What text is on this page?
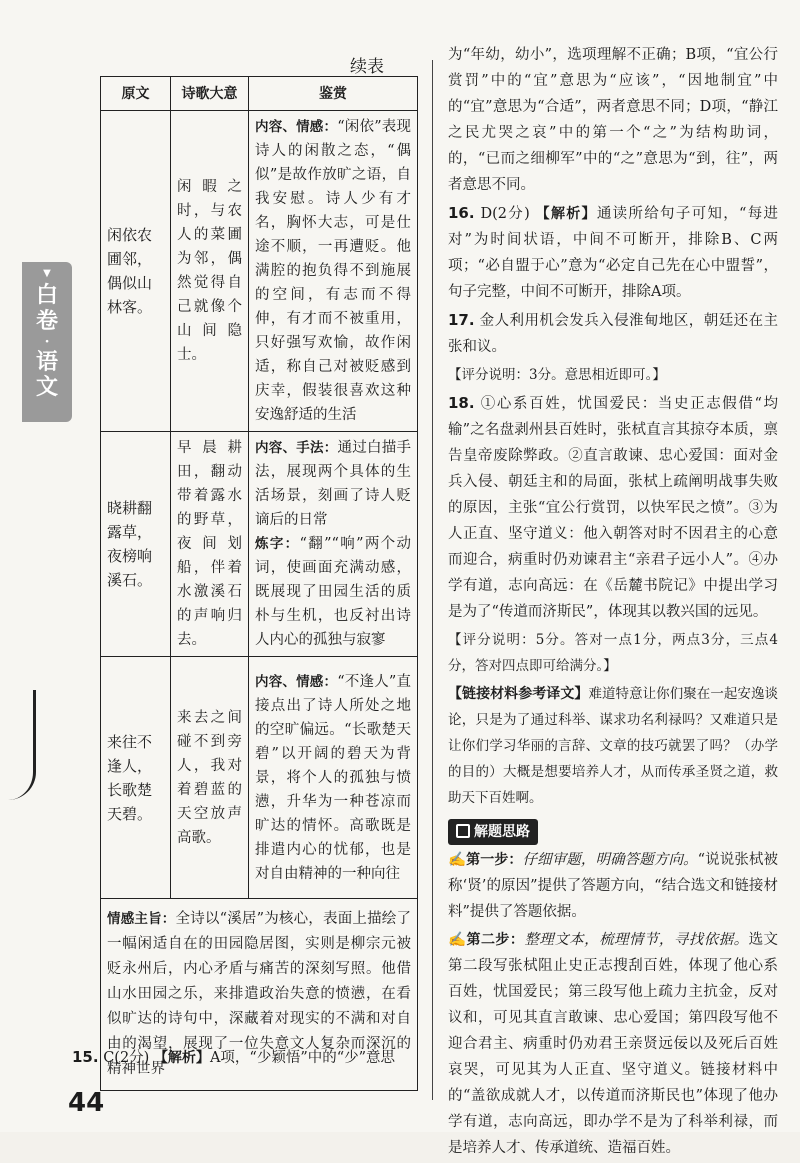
▼
白
卷
·
语
文
续表
原文	诗歌大意	鉴赏
闲依农圃邻，偶似山林客。	闲暇之时，与农人的菜圃为邻，偶然觉得自己就像个山间隐士。	内容、情感：“闲依”表现诗人的闲散之态，“偶似”是故作放旷之语，自我安慰。诗人少有才名，胸怀大志，可是仕途不顺，一再遭贬。他满腔的抱负得不到施展的空间，有志而不得伸，有才而不被重用，只好强写欢愉，故作闲适，称自己对被贬感到庆幸，假装很喜欢这种安逸舒适的生活
晓耕翻露草，夜榜响溪石。	早晨耕田，翻动带着露水的野草，夜间划船，伴着水激溪石的声响归去。	内容、手法：通过白描手法，展现两个具体的生活场景，刻画了诗人贬谪后的日常
炼字：“翻”“响”两个动词，使画面充满动感，既展现了田园生活的质朴与生机，也反衬出诗人内心的孤独与寂寥
来往不逢人，长歌楚天碧。	来去之间碰不到旁人，我对着碧蓝的天空放声高歌。	内容、情感：“不逢人”直接点出了诗人所处之地的空旷偏远。“长歌楚天碧”以开阔的碧天为背景，将个人的孤独与愤懑，升华为一种苍凉而旷达的情怀。高歌既是排遣内心的忧郁，也是对自由精神的一种向往
情感主旨：全诗以“溪居”为核心，表面上描绘了一幅闲适自在的田园隐居图，实则是柳宗元被贬永州后，内心矛盾与痛苦的深刻写照。他借山水田园之乐，来排遣政治失意的愤懑，在看似旷达的诗句中，深藏着对现实的不满和对自由的渴望，展现了一位失意文人复杂而深沉的精神世界		
15. C(2分) 【解析】A项，“少颖悟”中的“少”意思
44

为“年幼，幼小”，选项理解不正确；B项，“宜公行赏罚”中的“宜”意思为“应该”，“因地制宜”中的“宜”意思为“合适”，两者意思不同；D项，“静江之民尤哭之哀”中的第一个“之”为结构助词，的，“已而之细柳军”中的“之”意思为“到，往”，两者意思不同。

16. D(2分) 【解析】通读所给句子可知，“每进对”为时间状语，中间不可断开，排除B、C两项；“必自盟于心”意为“必定自己先在心中盟誓”，句子完整，中间不可断开，排除A项。

17. 金人利用机会发兵入侵淮甸地区，朝廷还在主张和议。

【评分说明：3分。意思相近即可。】

18. ①心系百姓，忧国爱民：当史正志假借“均输”之名盘剥州县百姓时，张栻直言其掠夺本质，禀告皇帝废除弊政。②直言敢谏、忠心爱国：面对金兵入侵、朝廷主和的局面，张栻上疏阐明战事失败的原因，主张“宜公行赏罚，以快军民之愤”。③为人正直、坚守道义：他入朝答对时不因君主的心意而迎合，病重时仍劝谏君主“亲君子远小人”。④办学有道，志向高远：在《岳麓书院记》中提出学习是为了“传道而济斯民”，体现其以教兴国的远见。

【评分说明：5分。答对一点1分，两点3分，三点4分，答对四点即可给满分。】

【链接材料参考译文】难道特意让你们聚在一起安逸谈论，只是为了通过科举、谋求功名利禄吗？又难道只是让你们学习华丽的言辞、文章的技巧就罢了吗？（办学的目的）大概是想要培养人才，从而传承圣贤之道，救助天下百姓啊。

解题思路

✍第一步：仔细审题，明确答题方向。“说说张栻被称‘贤’的原因”提供了答题方向，“结合选文和链接材料”提供了答题依据。

✍第二步：整理文本，梳理情节，寻找依据。选文第二段写张栻阻止史正志搜刮百姓，体现了他心系百姓，忧国爱民；第三段写他上疏力主抗金，反对议和，可见其直言敢谏、忠心爱国；第四段写他不迎合君主、病重时仍劝君王亲贤远佞以及死后百姓哀哭，可见其为人正直、坚守道义。链接材料中的“盖欲成就人才，以传道而济斯民也”体现了他办学有道，志向高远，即办学不是为了科举利禄，而是培养人才、传承道统、造福百姓。
